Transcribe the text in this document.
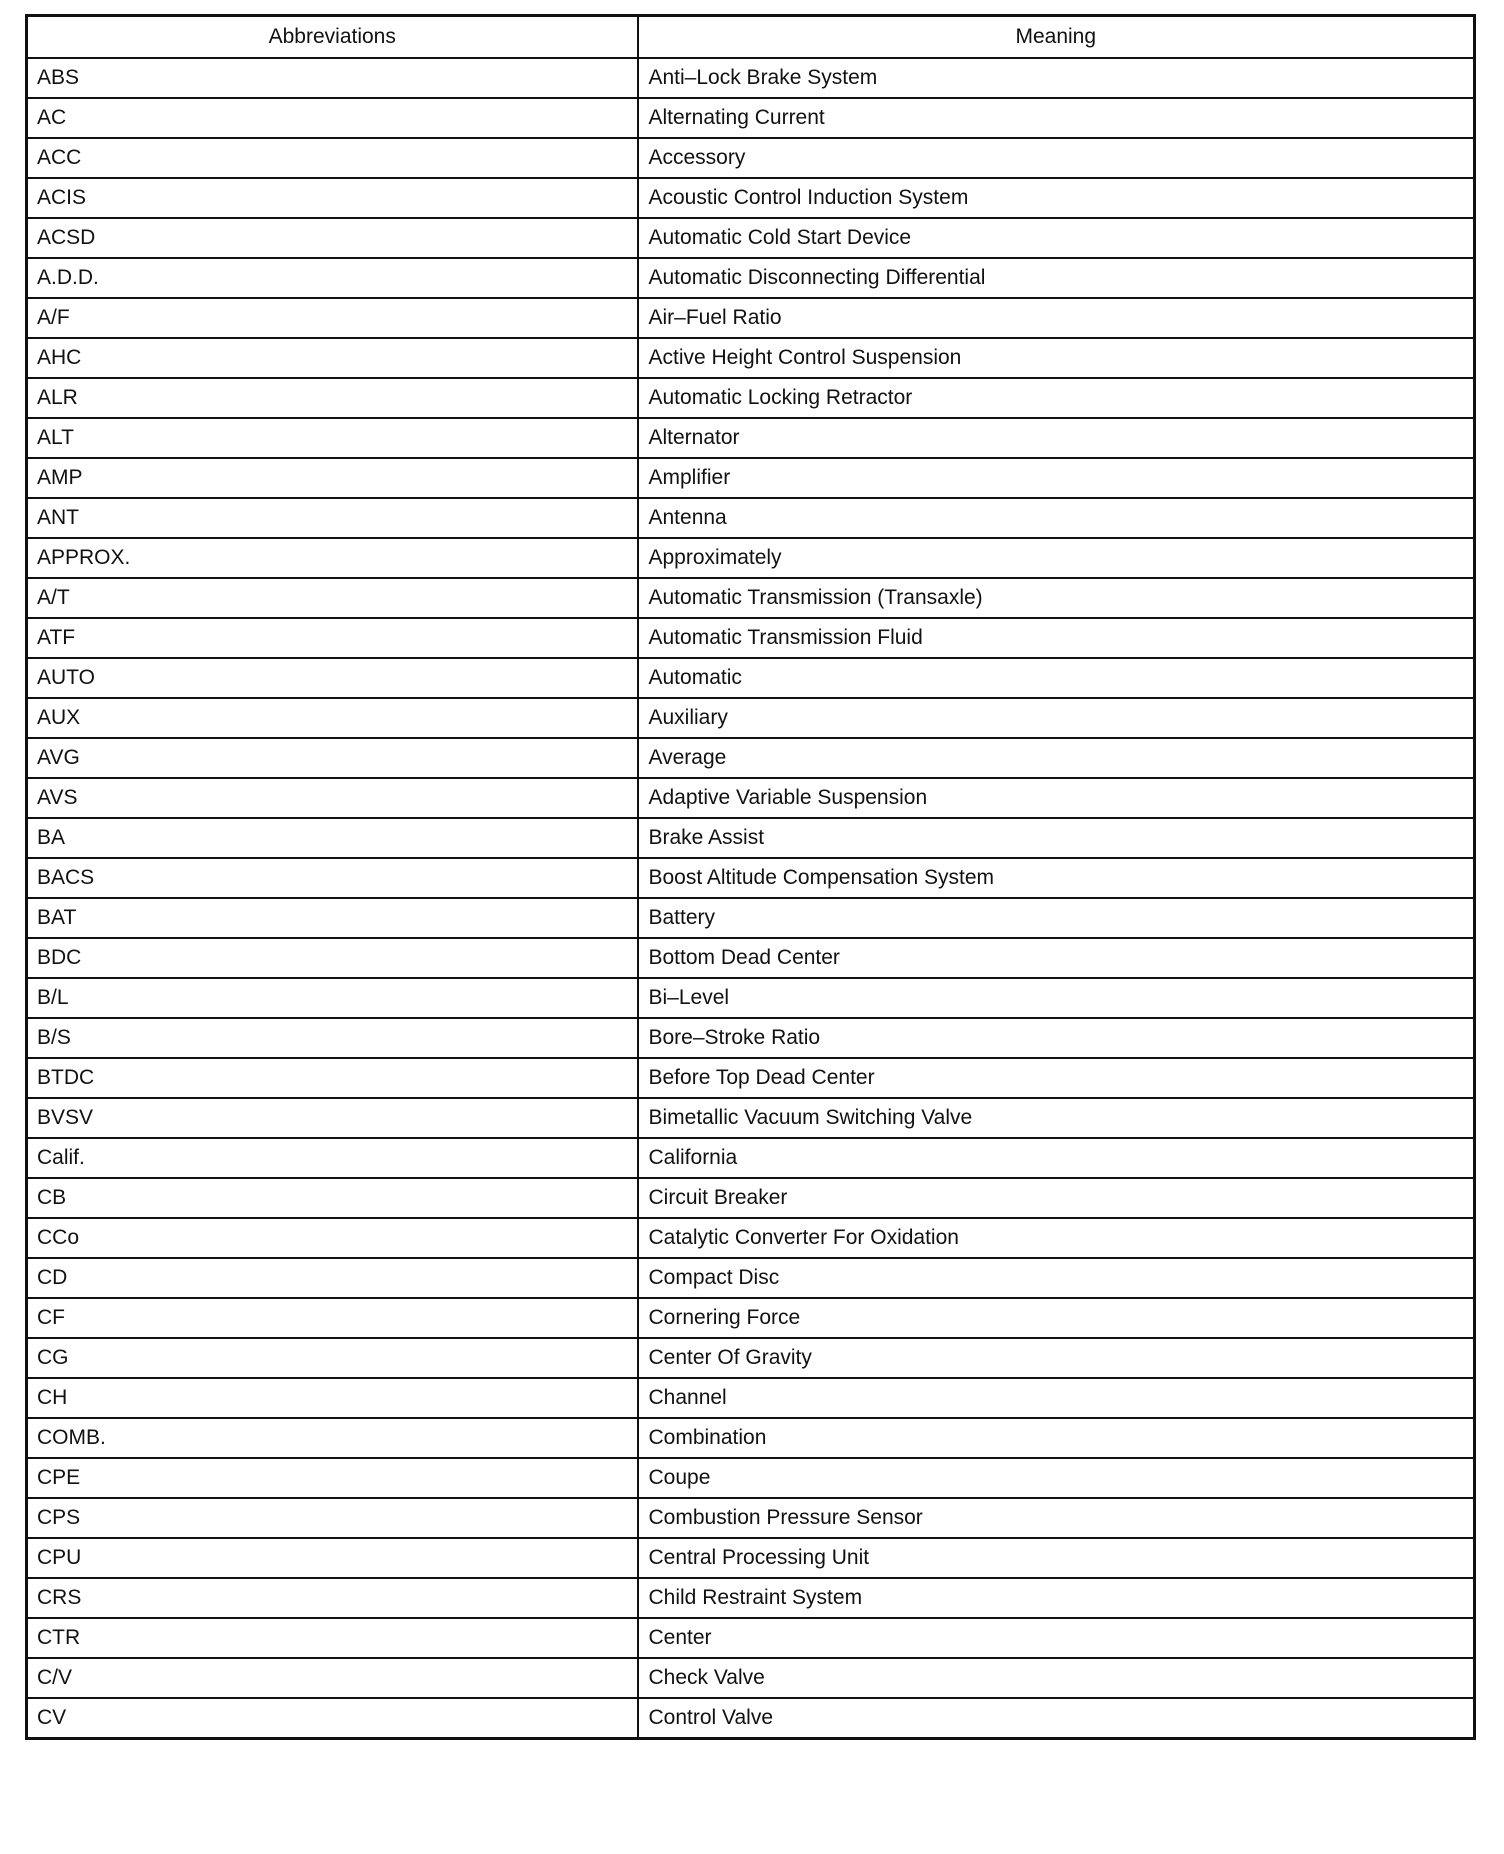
Abbreviations	Meaning
ABS	Anti–Lock Brake System
AC	Alternating Current
ACC	Accessory
ACIS	Acoustic Control Induction System
ACSD	Automatic Cold Start Device
A.D.D.	Automatic Disconnecting Differential
A/F	Air–Fuel Ratio
AHC	Active Height Control Suspension
ALR	Automatic Locking Retractor
ALT	Alternator
AMP	Amplifier
ANT	Antenna
APPROX.	Approximately
A/T	Automatic Transmission (Transaxle)
ATF	Automatic Transmission Fluid
AUTO	Automatic
AUX	Auxiliary
AVG	Average
AVS	Adaptive Variable Suspension
BA	Brake Assist
BACS	Boost Altitude Compensation System
BAT	Battery
BDC	Bottom Dead Center
B/L	Bi–Level
B/S	Bore–Stroke Ratio
BTDC	Before Top Dead Center
BVSV	Bimetallic Vacuum Switching Valve
Calif.	California
CB	Circuit Breaker
CCo	Catalytic Converter For Oxidation
CD	Compact Disc
CF	Cornering Force
CG	Center Of Gravity
CH	Channel
COMB.	Combination
CPE	Coupe
CPS	Combustion Pressure Sensor
CPU	Central Processing Unit
CRS	Child Restraint System
CTR	Center
C/V	Check Valve
CV	Control Valve
